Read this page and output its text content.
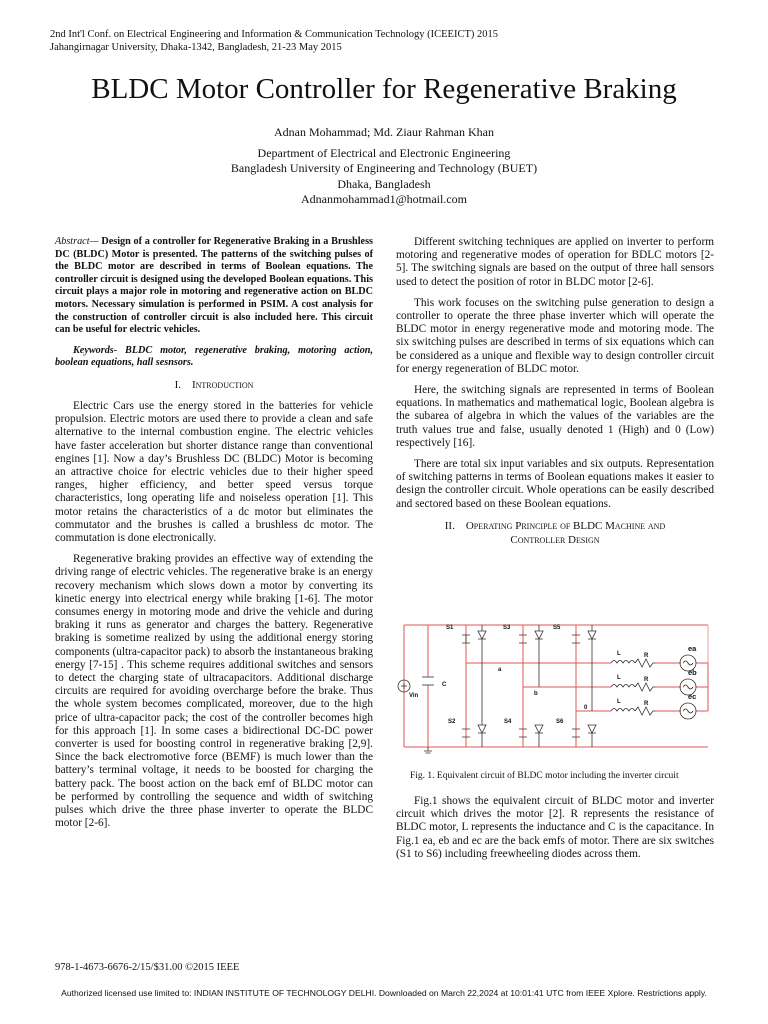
2nd Int'l Conf. on Electrical Engineering and Information & Communication Technology (ICEEICT) 2015
Jahangirnagar University, Dhaka-1342, Bangladesh, 21-23 May 2015
BLDC Motor Controller for Regenerative Braking
Adnan Mohammad; Md. Ziaur Rahman Khan
Department of Electrical and Electronic Engineering
Bangladesh University of Engineering and Technology (BUET)
Dhaka, Bangladesh
Adnanmohammad1@hotmail.com

Abstract— Design of a controller for Regenerative Braking in a Brushless DC (BLDC) Motor is presented. The patterns of the switching pulses of the BLDC motor are described in terms of Boolean equations. The controller circuit is designed using the developed Boolean equations. This circuit plays a major role in motoring and regenerative action on BLDC motors. Necessary simulation is performed in PSIM. A cost analysis for the construction of controller circuit is also included here. This circuit can be useful for electric vehicles.

Keywords- BLDC motor, regenerative braking, motoring action, boolean equations, hall sesnsors.

I. Introduction

Electric Cars use the energy stored in the batteries for vehicle propulsion. Electric motors are used there to provide a clean and safe alternative to the internal combustion engine. The electric vehicles have faster acceleration but shorter distance range than conventional engines [1]. Now a day’s Brushless DC (BLDC) Motor is becoming an attractive choice for electric vehicles due to their higher speed ranges, higher efficiency, and better speed versus torque characteristics, long operating life and noiseless operation [1]. This motor retains the characteristics of a dc motor but eliminates the commutator and the brushes is called a brushless dc motor. The commutation is done electronically.

Regenerative braking provides an effective way of extending the driving range of electric vehicles. The regenerative brake is an energy recovery mechanism which slows down a motor by converting its kinetic energy into electrical energy while braking [1-6]. The motor consumes energy in motoring mode and drive the vehicle and during braking it runs as generator and charges the battery. Regenerative braking is sometime realized by using the additional energy storing components (ultra-capacitor pack) to absorb the instantaneous braking energy [7-15] . This scheme requires additional switches and sensors to detect the charging state of ultracapacitors. Additional discharge circuits are required for avoiding overcharge before the brake. Thus the whole system becomes complicated, moreover, due to the high price of ultra-capacitor pack; the cost of the controller becomes high for this approach [1]. In some cases a bidirectional DC-DC power converter is used for boosting control in regenerative braking [2,9]. Since the back electromotive force (BEMF) is much lower than the battery’s terminal voltage, it needs to be boosted for charging the battery pack. The boost action on the back emf of BLDC motor can be performed by controlling the sequence and width of switching pulses which drive the three phase inverter to operate the BLDC motor [2-6].

Different switching techniques are applied on inverter to perform motoring and regenerative modes of operation for BDLC motors [2-5]. The switching signals are based on the output of three hall sensors used to detect the position of rotor in BLDC motor [2-6].

This work focuses on the switching pulse generation to design a controller to operate the three phase inverter which will operate the BLDC motor in energy regenerative mode and motoring mode. The six switching pulses are described in terms of six equations which can be considered as a unique and flexible way to design controller circuit for energy regeneration of BLDC motor.

Here, the switching signals are represented in terms of Boolean equations. In mathematics and mathematical logic, Boolean algebra is the subarea of algebra in which the values of the variables are the truth values true and false, usually denoted 1 (High) and 0 (Low) respectively [16].

There are total six input variables and six outputs. Representation of switching patterns in terms of Boolean equations makes it easier to design the controller circuit. Whole operations can be easily described and sectored based on these Boolean equations.

II. Operating Principle of BLDC Machine and
Controller Design
S1	S3	S5
S2	S4	S6
Vin
C
a
b
0
L
L
L
R
R
R
ea
eb
ec
Fig. 1. Equivalent circuit of BLDC motor including the inverter circuit

Fig.1 shows the equivalent circuit of BLDC motor and inverter circuit which drives the motor [2]. R represents the resistance of BLDC motor, L represents the inductance and C is the capacitance. In Fig.1 ea, eb and ec are the back emfs of motor. There are six switches (S1 to S6) including freewheeling diodes across them.

978-1-4673-6676-2/15/$31.00 ©2015 IEEE
Authorized licensed use limited to: INDIAN INSTITUTE OF TECHNOLOGY DELHI. Downloaded on March 22,2024 at 10:01:41 UTC from IEEE Xplore. Restrictions apply.
